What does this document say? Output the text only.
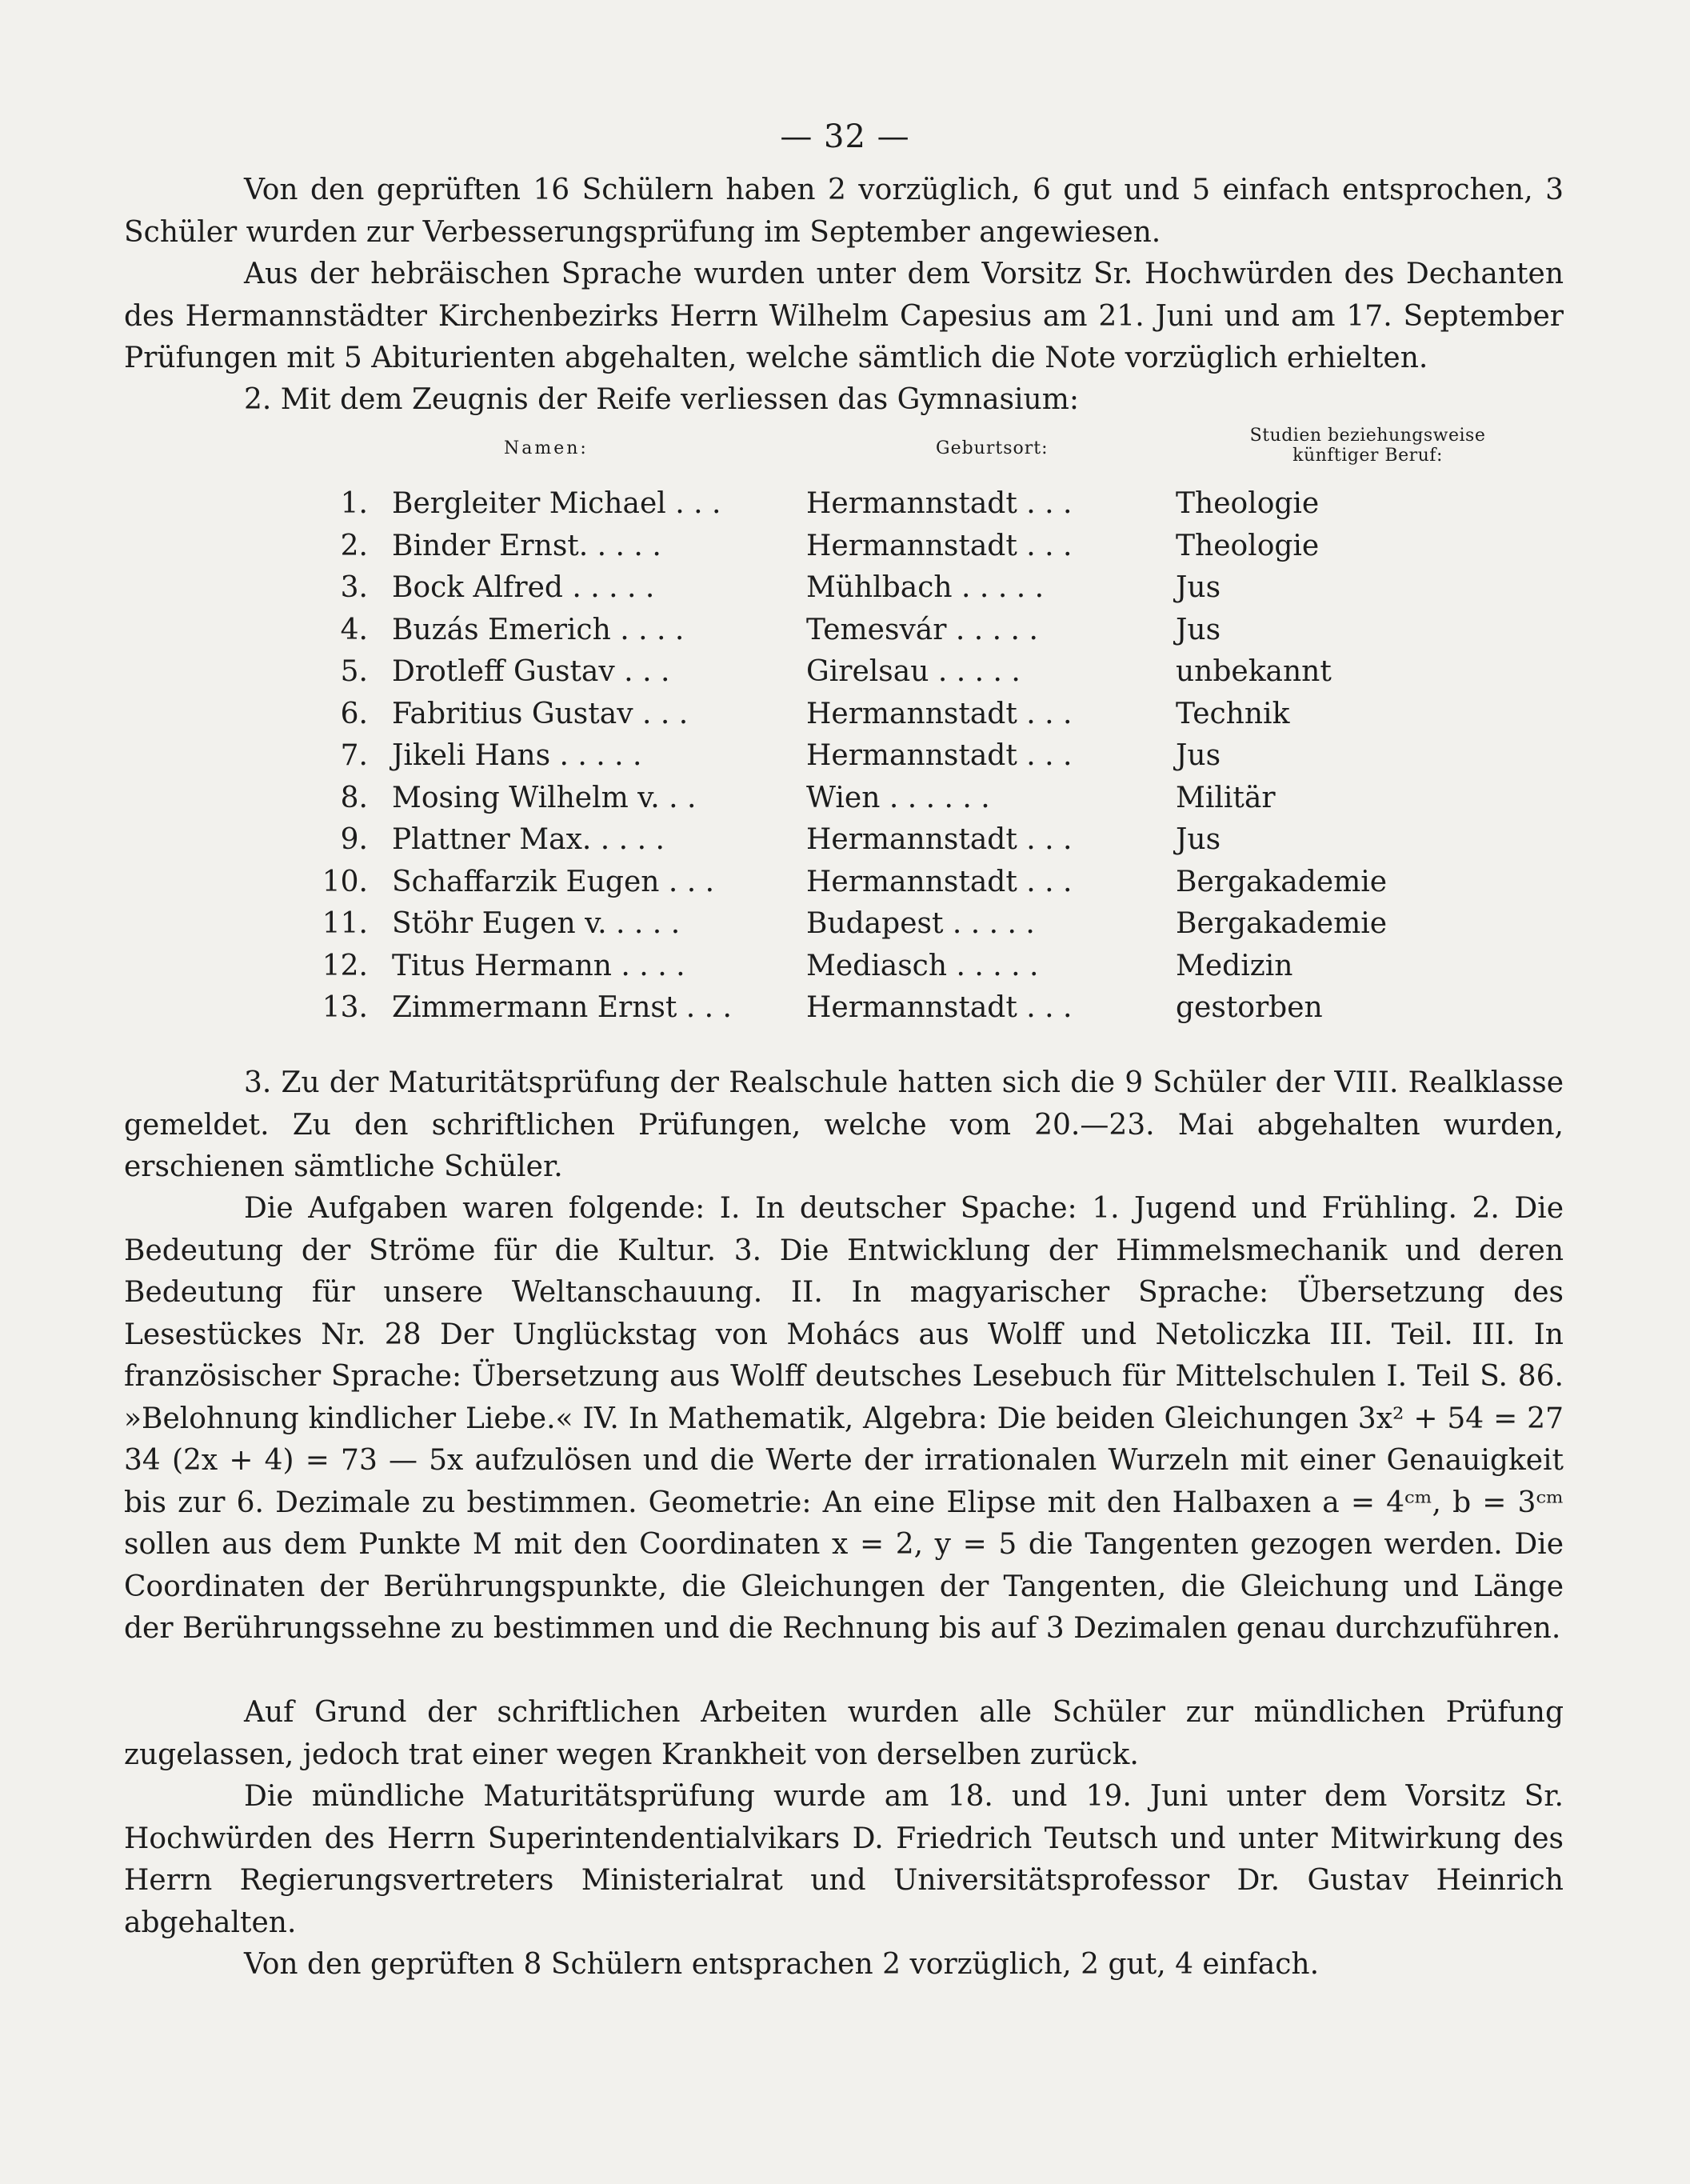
— 32 —

Von den geprüften 16 Schülern haben 2 vorzüglich, 6 gut und 5 einfach entsprochen, 3 Schüler wurden zur Verbesserungsprüfung im September angewiesen.

Aus der hebräischen Sprache wurden unter dem Vorsitz Sr. Hochwürden des Dechanten des Hermannstädter Kirchenbezirks Herrn Wilhelm Capesius am 21. Juni und am 17. September Prüfungen mit 5 Abiturienten abgehalten, welche sämtlich die Note vorzüglich erhielten.

2. Mit dem Zeugnis der Reife verliessen das Gymnasium:

Namen:	Geburtsort:
Studien beziehungsweise
künftiger Beruf:
1. Bergleiter Michael . . .	Hermannstadt . . .	Theologie
2. Binder Ernst. . . . .	Hermannstadt . . .	Theologie
3. Bock Alfred . . . . .	Mühlbach . . . . .	Jus
4. Buzás Emerich . . . .	Temesvár . . . . .	Jus
5. Drotleff Gustav . . .	Girelsau . . . . .	unbekannt
6. Fabritius Gustav . . .	Hermannstadt . . .	Technik
7. Jikeli Hans . . . . .	Hermannstadt . . .	Jus
8. Mosing Wilhelm v. . .	Wien . . . . . .	Militär
9. Plattner Max. . . . .	Hermannstadt . . .	Jus
10. Schaffarzik Eugen . . .	Hermannstadt . . .	Bergakademie
11. Stöhr Eugen v. . . . .	Budapest . . . . .	Bergakademie
12. Titus Hermann . . . .	Mediasch . . . . .	Medizin
13. Zimmermann Ernst . . .	Hermannstadt . . .	gestorben

3. Zu der Maturitätsprüfung der Realschule hatten sich die 9 Schüler der VIII. Realklasse gemeldet. Zu den schriftlichen Prüfungen, welche vom 20.—23. Mai abgehalten wurden, erschienen sämtliche Schüler.

Die Aufgaben waren folgende: I. In deutscher Spache: 1. Jugend und Frühling. 2. Die Bedeutung der Ströme für die Kultur. 3. Die Entwicklung der Himmelsmechanik und deren Bedeutung für unsere Weltanschauung. II. In magyarischer Sprache: Übersetzung des Lesestückes Nr. 28 Der Unglückstag von Mohács aus Wolff und Netoliczka III. Teil. III. In französischer Sprache: Übersetzung aus Wolff deutsches Lesebuch für Mittelschulen I. Teil S. 86. »Belohnung kindlicher Liebe.« IV. In Mathematik, Algebra: Die beiden Gleichungen 3x² + 54 = 27 34 (2x + 4) = 73 — 5x aufzulösen und die Werte der irrationalen Wurzeln mit einer Genauigkeit bis zur 6. Dezimale zu bestimmen. Geometrie: An eine Elipse mit den Halbaxen a = 4ᶜᵐ, b = 3ᶜᵐ sollen aus dem Punkte M mit den Coordinaten x = 2, y = 5 die Tangenten gezogen werden. Die Coordinaten der Berührungspunkte, die Gleichungen der Tangenten, die Gleichung und Länge der Berührungssehne zu bestimmen und die Rechnung bis auf 3 Dezimalen genau durchzuführen.

Auf Grund der schriftlichen Arbeiten wurden alle Schüler zur mündlichen Prüfung zugelassen, jedoch trat einer wegen Krankheit von derselben zurück.

Die mündliche Maturitätsprüfung wurde am 18. und 19. Juni unter dem Vorsitz Sr. Hochwürden des Herrn Superintendentialvikars D. Friedrich Teutsch und unter Mitwirkung des Herrn Regierungsvertreters Ministerialrat und Universitätsprofessor Dr. Gustav Heinrich abgehalten.

Von den geprüften 8 Schülern entsprachen 2 vorzüglich, 2 gut, 4 einfach.
